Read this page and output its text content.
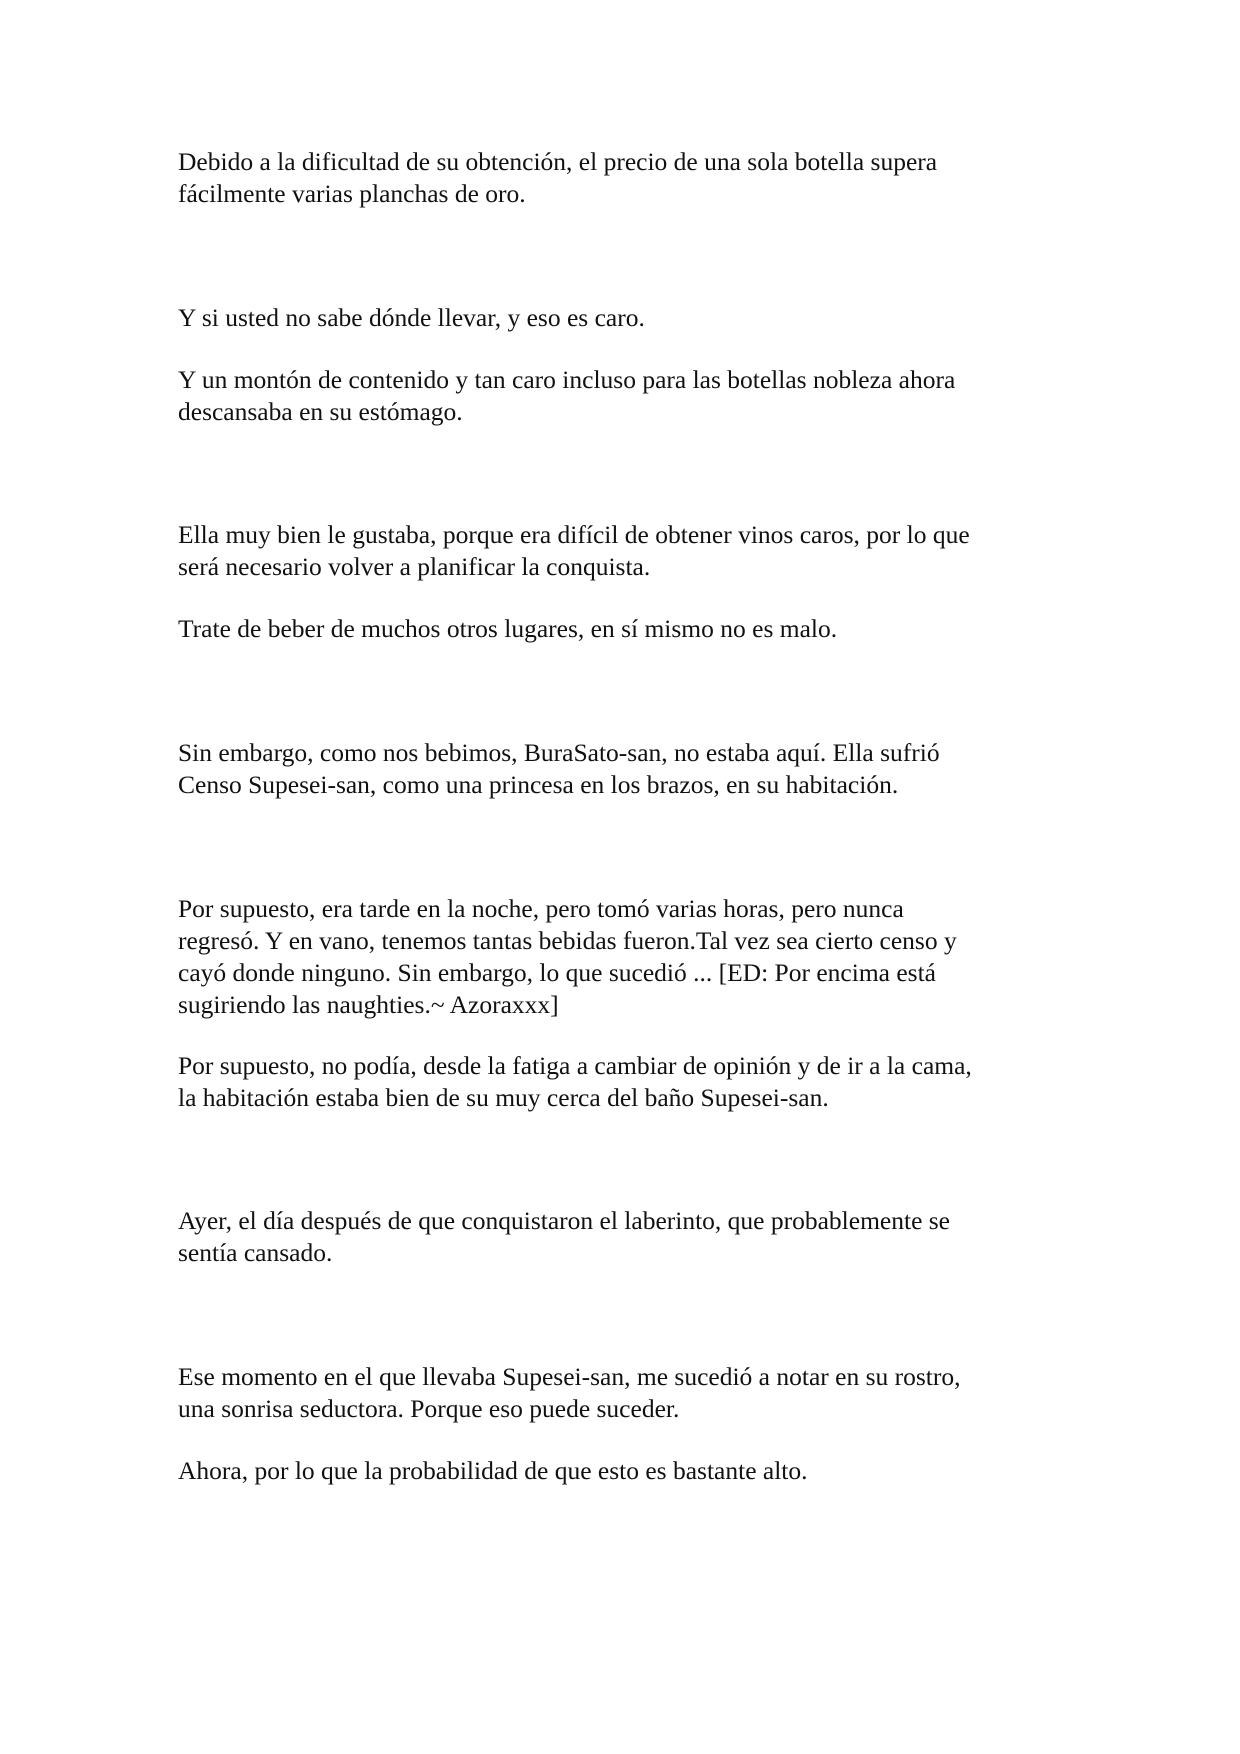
Debido a la dificultad de su obtención, el precio de una sola botella supera
fácilmente varias planchas de oro.

Y si usted no sabe dónde llevar, y eso es caro.

Y un montón de contenido y tan caro incluso para las botellas nobleza ahora
descansaba en su estómago.

Ella muy bien le gustaba, porque era difícil de obtener vinos caros, por lo que
será necesario volver a planificar la conquista.

Trate de beber de muchos otros lugares, en sí mismo no es malo.

Sin embargo, como nos bebimos, BuraSato-san, no estaba aquí. Ella sufrió
Censo Supesei-san, como una princesa en los brazos, en su habitación.

Por supuesto, era tarde en la noche, pero tomó varias horas, pero nunca
regresó. Y en vano, tenemos tantas bebidas fueron.Tal vez sea cierto censo y
cayó donde ninguno. Sin embargo, lo que sucedió ... [ED: Por encima está
sugiriendo las naughties.~ Azoraxxx]

Por supuesto, no podía, desde la fatiga a cambiar de opinión y de ir a la cama,
la habitación estaba bien de su muy cerca del baño Supesei-san.

Ayer, el día después de que conquistaron el laberinto, que probablemente se
sentía cansado.

Ese momento en el que llevaba Supesei-san, me sucedió a notar en su rostro,
una sonrisa seductora. Porque eso puede suceder.

Ahora, por lo que la probabilidad de que esto es bastante alto.
